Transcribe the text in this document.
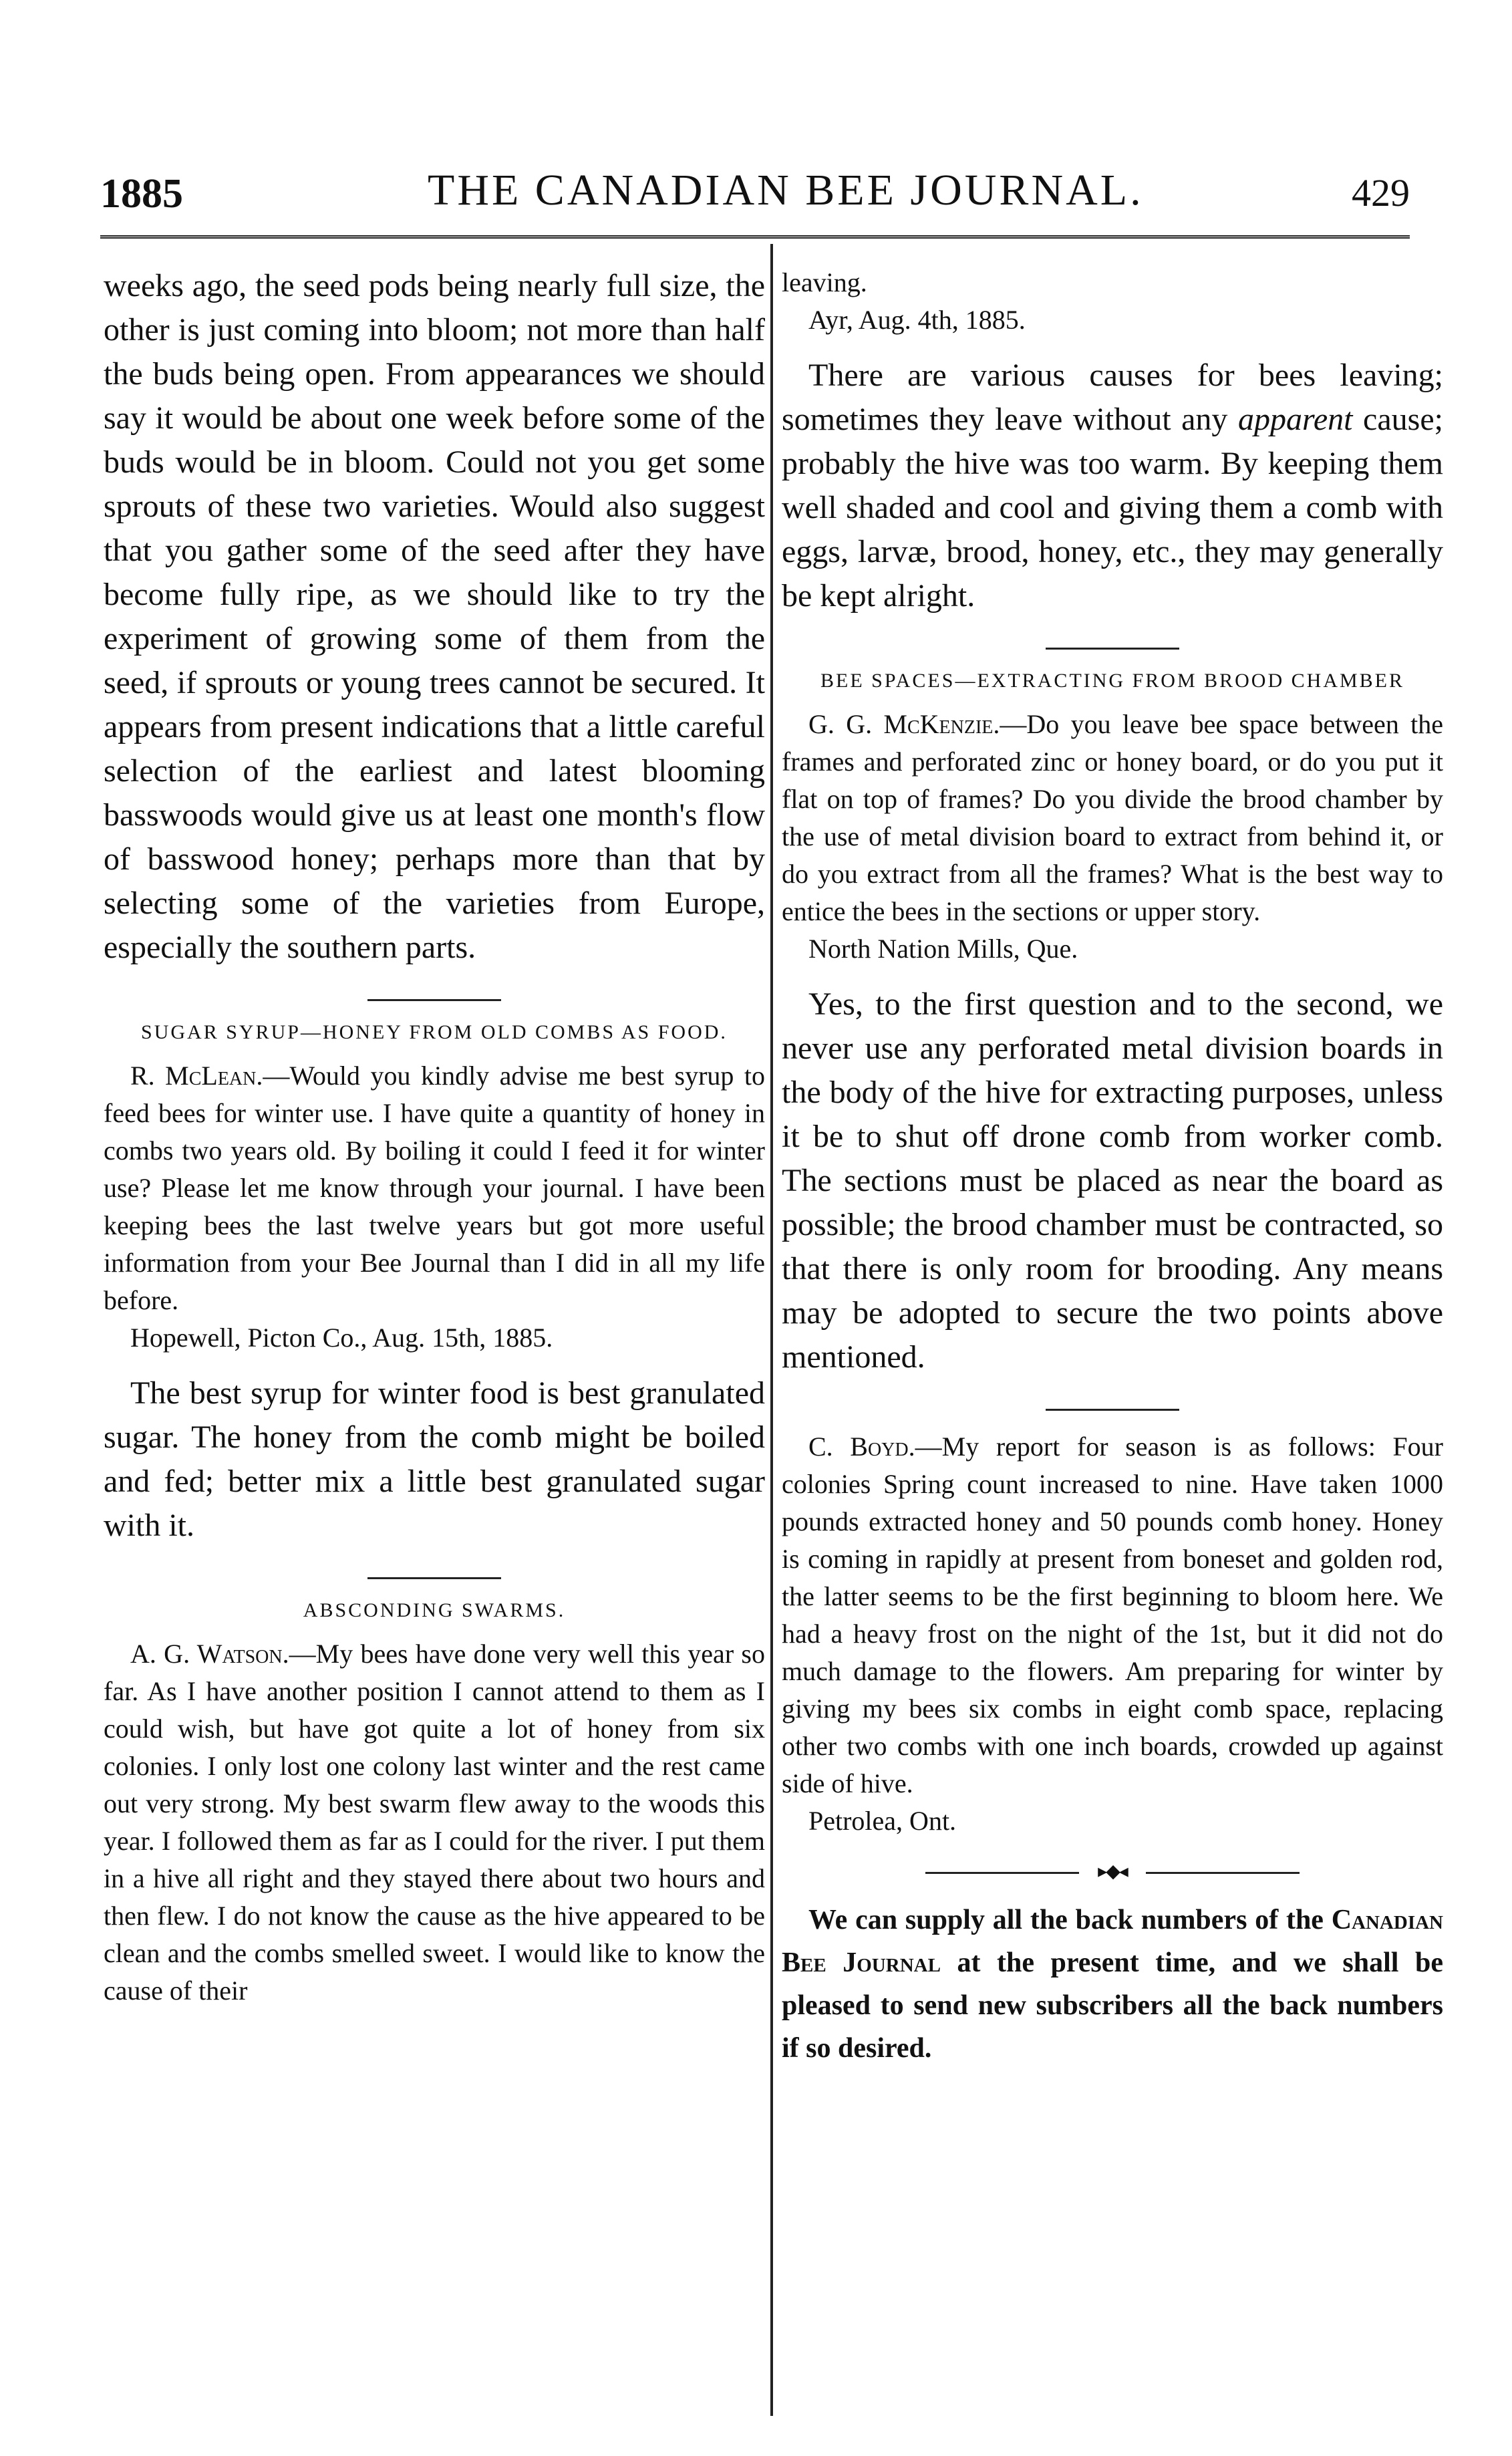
1885	THE CANADIAN BEE JOURNAL.	429

weeks ago, the seed pods being nearly full size, the other is just coming into bloom; not more than half the buds being open. From appearances we should say it would be about one week before some of the buds would be in bloom. Could not you get some sprouts of these two varieties. Would also suggest that you gather some of the seed after they have become fully ripe, as we should like to try the experiment of growing some of them from the seed, if sprouts or young trees cannot be secured. It appears from present indications that a little careful selection of the earliest and latest blooming basswoods would give us at least one month's flow of basswood honey; perhaps more than that by selecting some of the varieties from Europe, especially the southern parts.

SUGAR SYRUP—HONEY FROM OLD COMBS AS FOOD.

R. McLean.—Would you kindly advise me best syrup to feed bees for winter use. I have quite a quantity of honey in combs two years old. By boiling it could I feed it for winter use? Please let me know through your journal. I have been keeping bees the last twelve years but got more useful information from your Bee Journal than I did in all my life before.

Hopewell, Picton Co., Aug. 15th, 1885.

The best syrup for winter food is best granulated sugar. The honey from the comb might be boiled and fed; better mix a little best granulated sugar with it.

ABSCONDING SWARMS.

A. G. Watson.—My bees have done very well this year so far. As I have another position I cannot attend to them as I could wish, but have got quite a lot of honey from six colonies. I only lost one colony last winter and the rest came out very strong. My best swarm flew away to the woods this year. I followed them as far as I could for the river. I put them in a hive all right and they stayed there about two hours and then flew. I do not know the cause as the hive appeared to be clean and the combs smelled sweet. I would like to know the cause of their

leaving.

Ayr, Aug. 4th, 1885.

There are various causes for bees leaving; sometimes they leave without any apparent cause; probably the hive was too warm. By keeping them well shaded and cool and giving them a comb with eggs, larvæ, brood, honey, etc., they may generally be kept alright.

BEE SPACES—EXTRACTING FROM BROOD CHAMBER

G. G. McKenzie.—Do you leave bee space between the frames and perforated zinc or honey board, or do you put it flat on top of frames? Do you divide the brood chamber by the use of metal division board to extract from behind it, or do you extract from all the frames? What is the best way to entice the bees in the sections or upper story.

North Nation Mills, Que.

Yes, to the first question and to the second, we never use any perforated metal division boards in the body of the hive for extracting purposes, unless it be to shut off drone comb from worker comb. The sections must be placed as near the board as possible; the brood chamber must be contracted, so that there is only room for brooding. Any means may be adopted to secure the two points above mentioned.

C. Boyd.—My report for season is as follows: Four colonies Spring count increased to nine. Have taken 1000 pounds extracted honey and 50 pounds comb honey. Honey is coming in rapidly at present from boneset and golden rod, the latter seems to be the first beginning to bloom here. We had a heavy frost on the night of the 1st, but it did not do much damage to the flowers. Am preparing for winter by giving my bees six combs in eight comb space, replacing other two combs with one inch boards, crowded up against side of hive.

Petrolea, Ont.

▸◆◂

We can supply all the back numbers of the Canadian Bee Journal at the present time, and we shall be pleased to send new subscribers all the back numbers if so desired.
